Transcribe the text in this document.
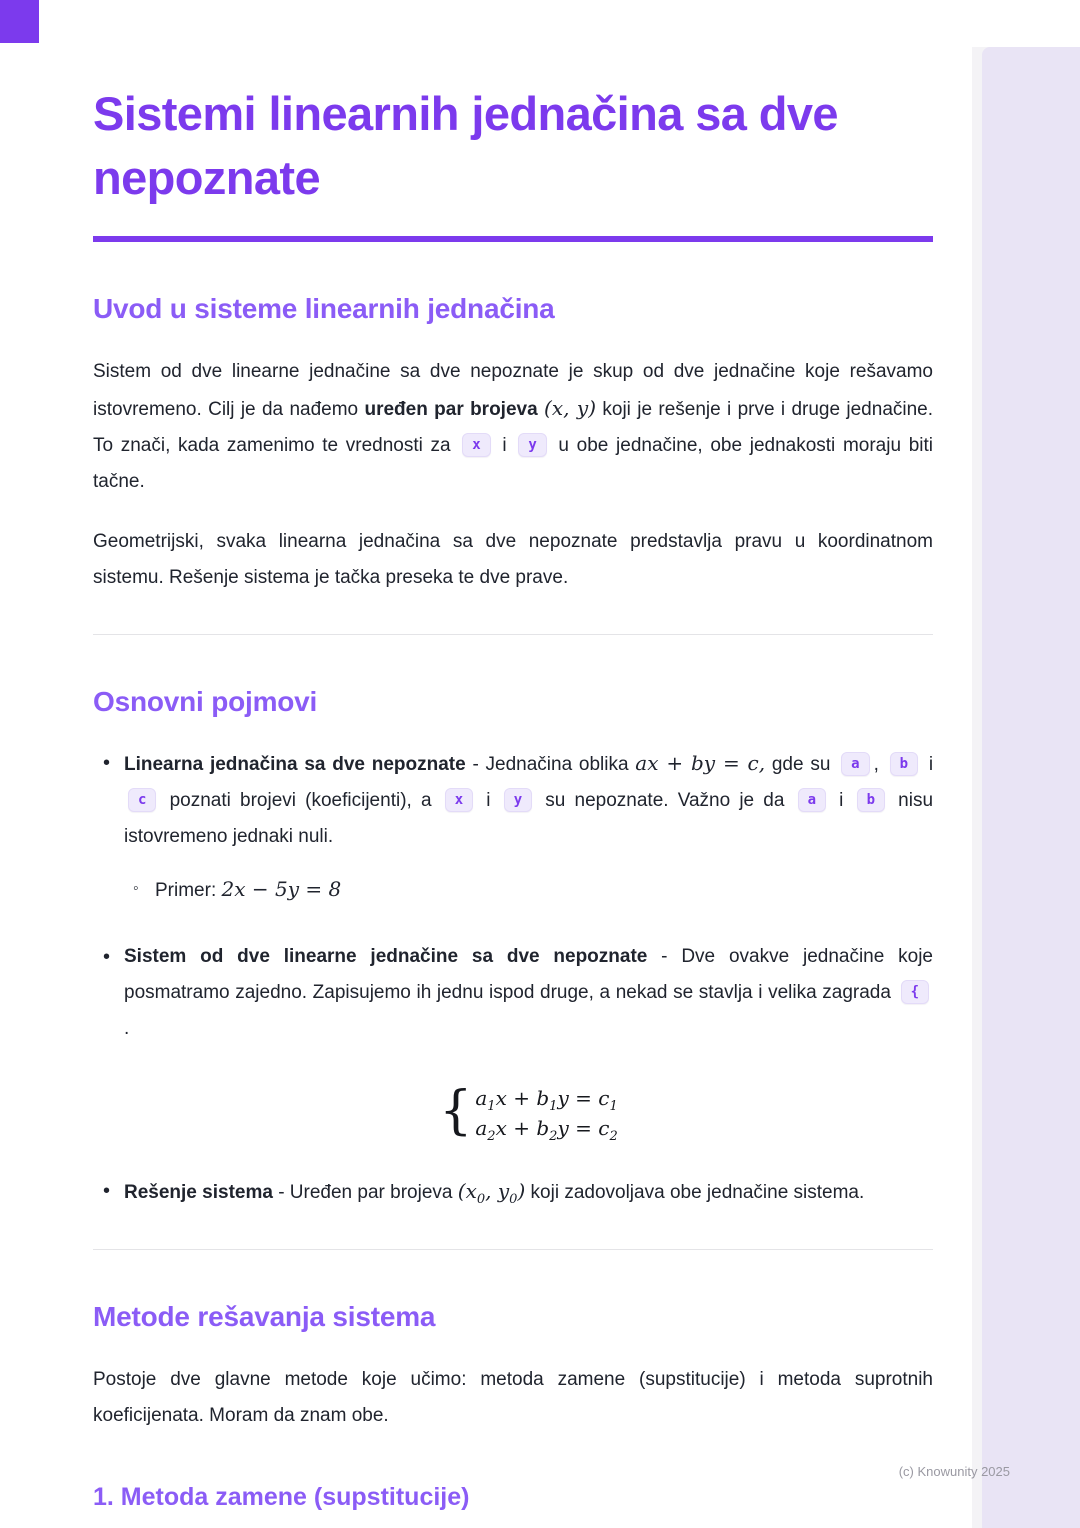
Sistemi linearnih jednačina sa dve nepoznate
Uvod u sisteme linearnih jednačina

Sistem od dve linearne jednačine sa dve nepoznate je skup od dve jednačine koje rešavamo istovremeno. Cilj je da nađemo uređen par brojeva (x, y) koji je rešenje i prve i druge jednačine. To znači, kada zamenimo te vrednosti za x i y u obe jednačine, obe jednakosti moraju biti tačne.

Geometrijski, svaka linearna jednačina sa dve nepoznate predstavlja pravu u koordinatnom sistemu. Rešenje sistema je tačka preseka te dve prave.

Osnovni pojmovi
• Linearna jednačina sa dve nepoznate - Jednačina oblika ax + by = c, gde su a , b i c poznati brojevi (koeficijenti), a x i y su nepoznate. Važno je da a i b nisu istovremeno jednaki nuli.
◦ Primer: 2x − 5y = 8
• Sistem od dve linearne jednačine sa dve nepoznate - Dve ovakve jednačine koje posmatramo zajedno. Zapisujemo ih jednu ispod druge, a nekad se stavlja i velika zagrada { .
{ $a_1x + b_1y = c_1$
$a_2x + b_2y = c_2$
• Rešenje sistema - Uređen par brojeva ($x_0$, $y_0$) koji zadovoljava obe jednačine sistema.
Metode rešavanja sistema

Postoje dve glavne metode koje učimo: metoda zamene (supstitucije) i metoda suprotnih koeficijenata. Moram da znam obe.

1. Metoda zamene (supstitucije)
(c) Knowunity 2025
